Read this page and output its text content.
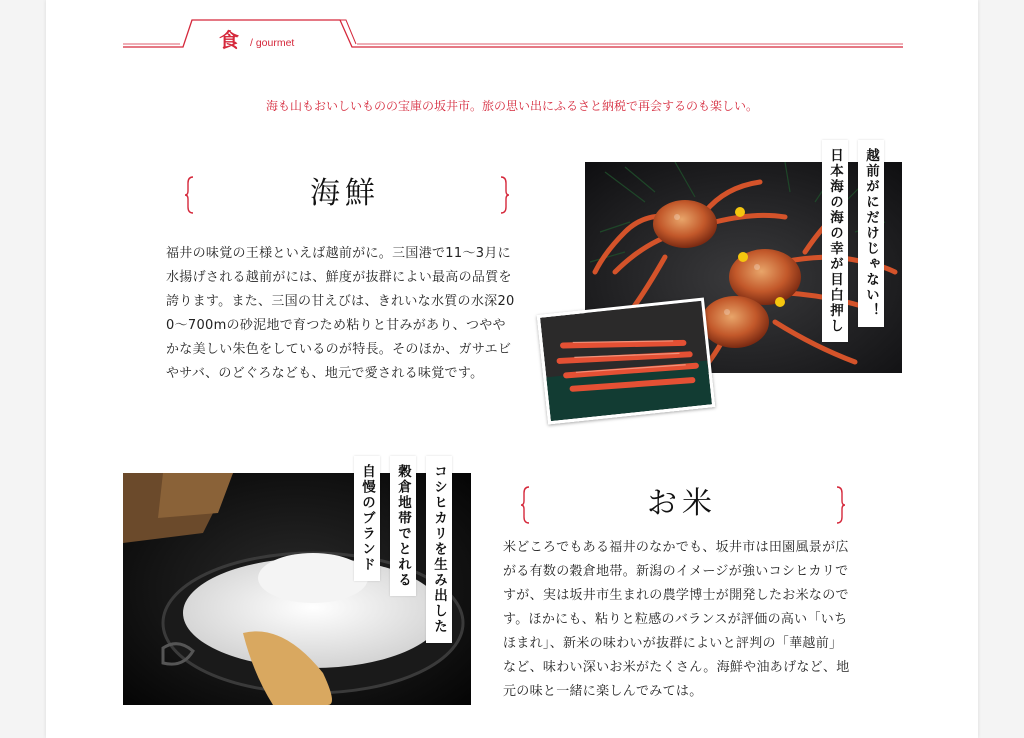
食 / gourmet
海も山もおいしいものの宝庫の坂井市。旅の思い出にふるさと納税で再会するのも楽しい。
海鮮
福井の味覚の王様といえば越前がに。三国港で11〜3月に水揚げされる越前がには、鮮度が抜群によい最高の品質を誇ります。また、三国の甘えびは、きれいな水質の水深200〜700mの砂泥地で育つため粘りと甘みがあり、つややかな美しい朱色をしているのが特長。そのほか、ガサエビやサバ、のどぐろなども、地元で愛される味覚です。
越前がにだけじゃない！
日本海の海の幸が目白押し
コシヒカリを生み出した
穀倉地帯でとれる
自慢のブランド	お米
米どころでもある福井のなかでも、坂井市は田園風景が広がる有数の穀倉地帯。新潟のイメージが強いコシヒカリですが、実は坂井市生まれの農学博士が開発したお米なのです。ほかにも、粘りと粒感のバランスが評価の高い「いちほまれ」、新米の味わいが抜群によいと評判の「華越前」など、味わい深いお米がたくさん。海鮮や油あげなど、地元の味と一緒に楽しんでみては。
